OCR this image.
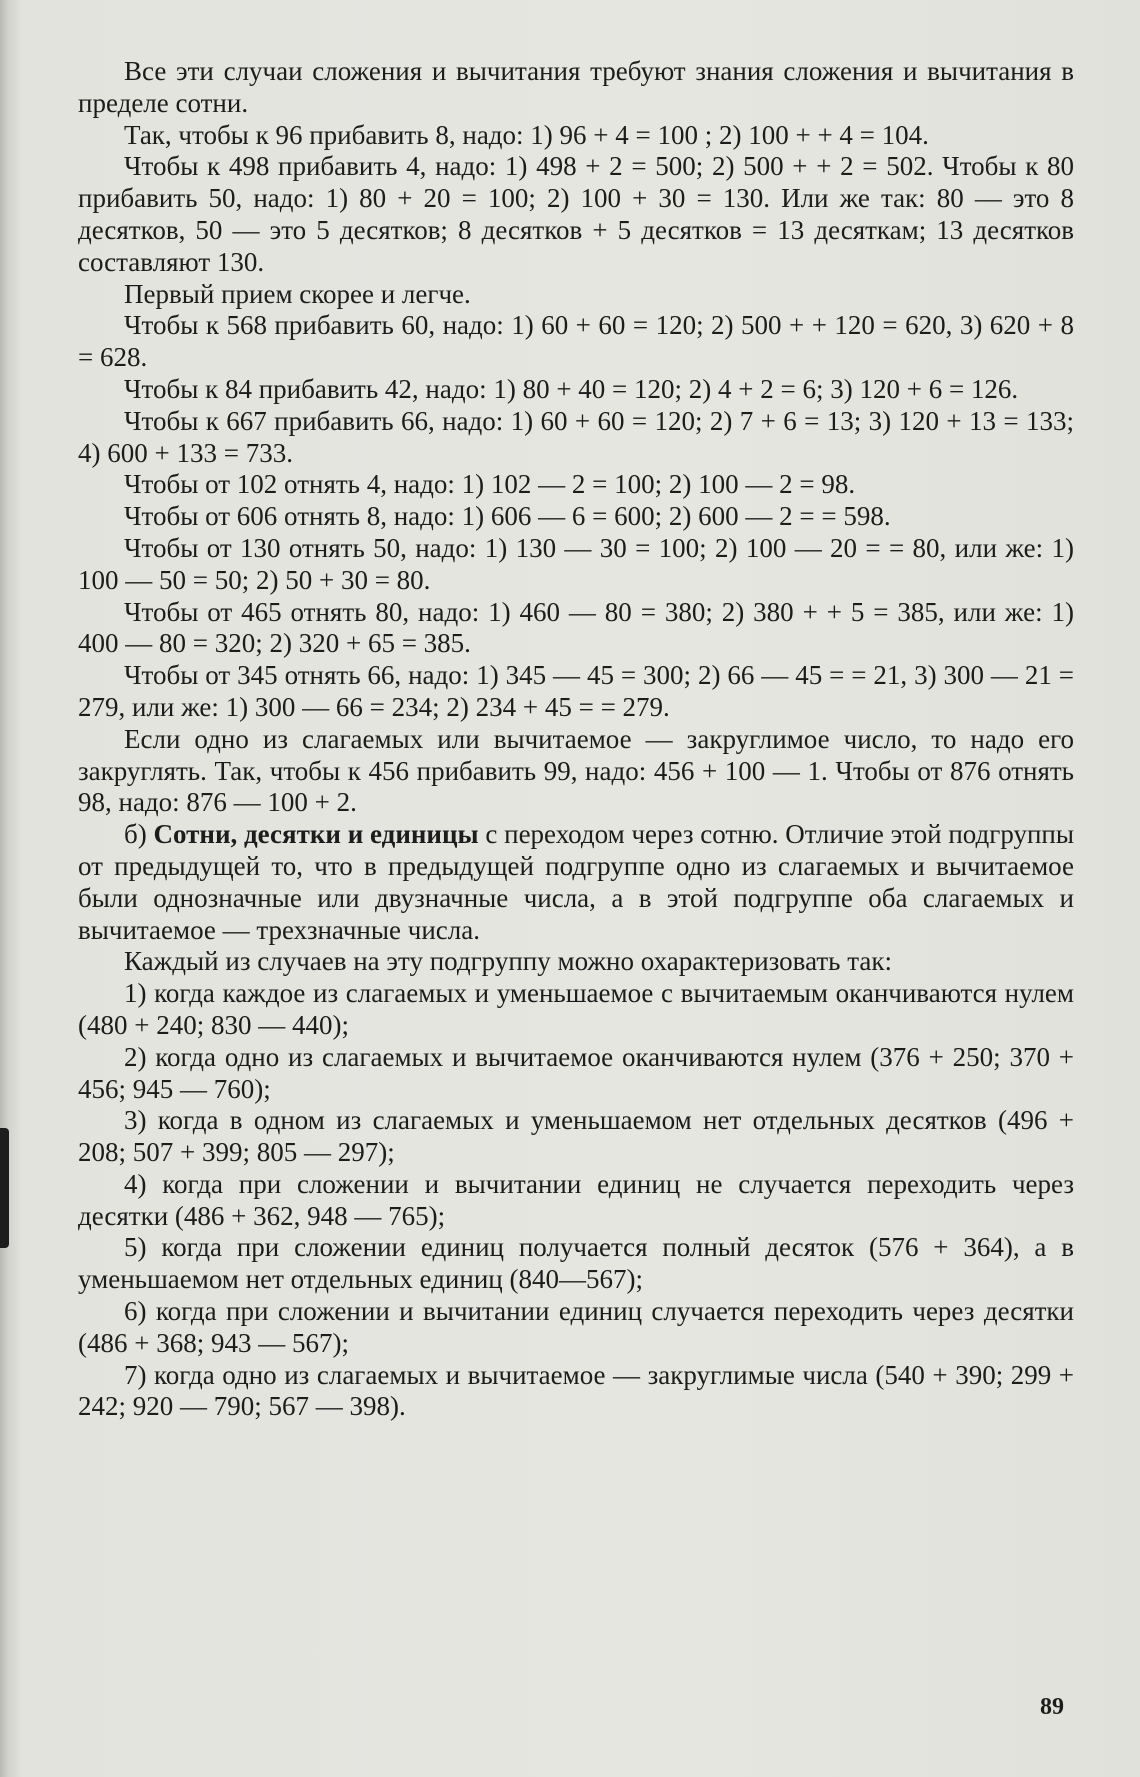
Все эти случаи сложения и вычитания требуют знания сложения и вычитания в пределе сотни.

Так, чтобы к 96 прибавить 8, надо: 1) 96 + 4 = 100 ; 2) 100 + + 4 = 104.

Чтобы к 498 прибавить 4, надо: 1) 498 + 2 = 500; 2) 500 + + 2 = 502. Чтобы к 80 прибавить 50, надо: 1) 80 + 20 = 100; 2) 100 + 30 = 130. Или же так: 80 — это 8 десятков, 50 — это 5 десятков; 8 десятков + 5 десятков = 13 десяткам; 13 десятков составляют 130.

Первый прием скорее и легче.

Чтобы к 568 прибавить 60, надо: 1) 60 + 60 = 120; 2) 500 + + 120 = 620, 3) 620 + 8 = 628.

Чтобы к 84 прибавить 42, надо: 1) 80 + 40 = 120; 2) 4 + 2 = 6; 3) 120 + 6 = 126.

Чтобы к 667 прибавить 66, надо: 1) 60 + 60 = 120; 2) 7 + 6 = 13; 3) 120 + 13 = 133; 4) 600 + 133 = 733.

Чтобы от 102 отнять 4, надо: 1) 102 — 2 = 100; 2) 100 — 2 = 98.

Чтобы от 606 отнять 8, надо: 1) 606 — 6 = 600; 2) 600 — 2 = = 598.

Чтобы от 130 отнять 50, надо: 1) 130 — 30 = 100; 2) 100 — 20 = = 80, или же: 1) 100 — 50 = 50; 2) 50 + 30 = 80.

Чтобы от 465 отнять 80, надо: 1) 460 — 80 = 380; 2) 380 + + 5 = 385, или же: 1) 400 — 80 = 320; 2) 320 + 65 = 385.

Чтобы от 345 отнять 66, надо: 1) 345 — 45 = 300; 2) 66 — 45 = = 21, 3) 300 — 21 = 279, или же: 1) 300 — 66 = 234; 2) 234 + 45 = = 279.

Если одно из слагаемых или вычитаемое — закруглимое число, то надо его закруглять. Так, чтобы к 456 прибавить 99, надо: 456 + 100 — 1. Чтобы от 876 отнять 98, надо: 876 — 100 + 2.

б) Сотни, десятки и единицы с переходом через сотню. Отличие этой подгруппы от предыдущей то, что в предыдущей подгруппе одно из слагаемых и вычитаемое были однозначные или двузначные числа, а в этой подгруппе оба слагаемых и вычитаемое — трехзначные числа.

Каждый из случаев на эту подгруппу можно охарактеризовать так:

1) когда каждое из слагаемых и уменьшаемое с вычитаемым оканчиваются нулем (480 + 240; 830 — 440);

2) когда одно из слагаемых и вычитаемое оканчиваются нулем (376 + 250; 370 + 456; 945 — 760);

3) когда в одном из слагаемых и уменьшаемом нет отдельных десятков (496 + 208; 507 + 399; 805 — 297);

4) когда при сложении и вычитании единиц не случается переходить через десятки (486 + 362, 948 — 765);

5) когда при сложении единиц получается полный десяток (576 + 364), а в уменьшаемом нет отдельных единиц (840—567);

6) когда при сложении и вычитании единиц случается переходить через десятки (486 + 368; 943 — 567);

7) когда одно из слагаемых и вычитаемое — закруглимые числа (540 + 390; 299 + 242; 920 — 790; 567 — 398).

89
